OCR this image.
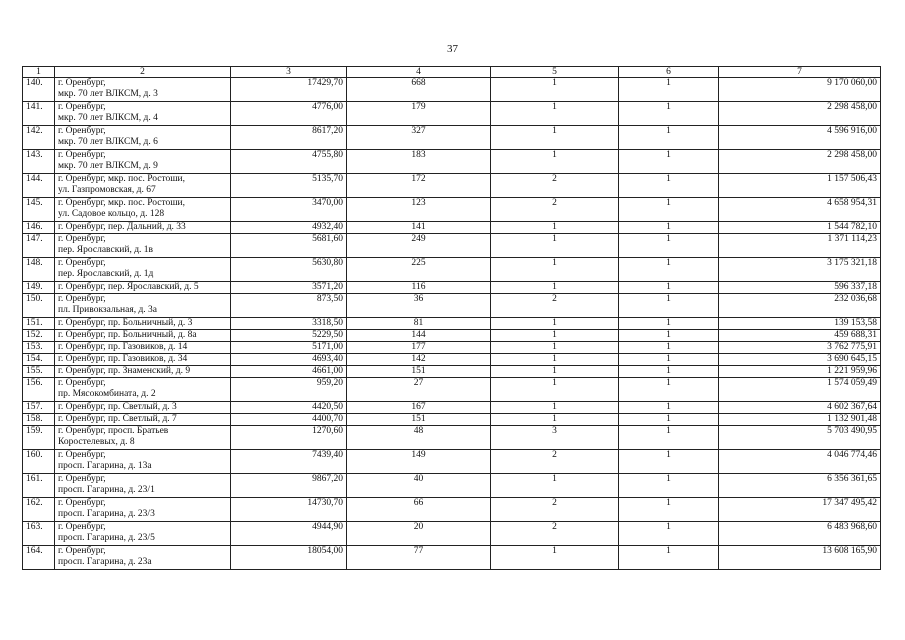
37
1	2	3	4	5	6	7
140.	г. Оренбург,
мкр. 70 лет ВЛКСМ, д. 3	17429,70	668	1	1	9 170 060,00
141.	г. Оренбург,
мкр. 70 лет ВЛКСМ, д. 4	4776,00	179	1	1	2 298 458,00
142.	г. Оренбург,
мкр. 70 лет ВЛКСМ, д. 6	8617,20	327	1	1	4 596 916,00
143.	г. Оренбург,
мкр. 70 лет ВЛКСМ, д. 9	4755,80	183	1	1	2 298 458,00
144.	г. Оренбург, мкр. пос. Ростоши,
ул. Газпромовская, д. 67	5135,70	172	2	1	1 157 506,43
145.	г. Оренбург, мкр. пос. Ростоши,
ул. Садовое кольцо, д. 128	3470,00	123	2	1	4 658 954,31
146.	г. Оренбург, пер. Дальний, д. 33	4932,40	141	1	1	1 544 782,10
147.	г. Оренбург,
пер. Ярославский, д. 1в	5681,60	249	1	1	1 371 114,23
148.	г. Оренбург,
пер. Ярославский, д. 1д	5630,80	225	1	1	3 175 321,18
149.	г. Оренбург, пер. Ярославский, д. 5	3571,20	116	1	1	596 337,18
150.	г. Оренбург,
пл. Привокзальная, д. 3а	873,50	36	2	1	232 036,68
151.	г. Оренбург, пр. Больничный, д. 3	3318,50	81	1	1	139 153,58
152.	г. Оренбург, пр. Больничный, д. 8а	5229,50	144	1	1	459 688,31
153.	г. Оренбург, пр. Газовиков, д. 14	5171,00	177	1	1	3 762 775,91
154.	г. Оренбург, пр. Газовиков, д. 34	4693,40	142	1	1	3 690 645,15
155.	г. Оренбург, пр. Знаменский, д. 9	4661,00	151	1	1	1 221 959,96
156.	г. Оренбург,
пр. Мясокомбината, д. 2	959,20	27	1	1	1 574 059,49
157.	г. Оренбург, пр. Светлый, д. 3	4420,50	167	1	1	4 602 367,64
158.	г. Оренбург, пр. Светлый, д. 7	4400,70	151	1	1	1 132 901,48
159.	г. Оренбург, просп. Братьев
Коростелевых, д. 8	1270,60	48	3	1	5 703 490,95
160.	г. Оренбург,
просп. Гагарина, д. 13а	7439,40	149	2	1	4 046 774,46
161.	г. Оренбург,
просп. Гагарина, д. 23/1	9867,20	40	1	1	6 356 361,65
162.	г. Оренбург,
просп. Гагарина, д. 23/3	14730,70	66	2	1	17 347 495,42
163.	г. Оренбург,
просп. Гагарина, д. 23/5	4944,90	20	2	1	6 483 968,60
164.	г. Оренбург,
просп. Гагарина, д. 23а	18054,00	77	1	1	13 608 165,90
